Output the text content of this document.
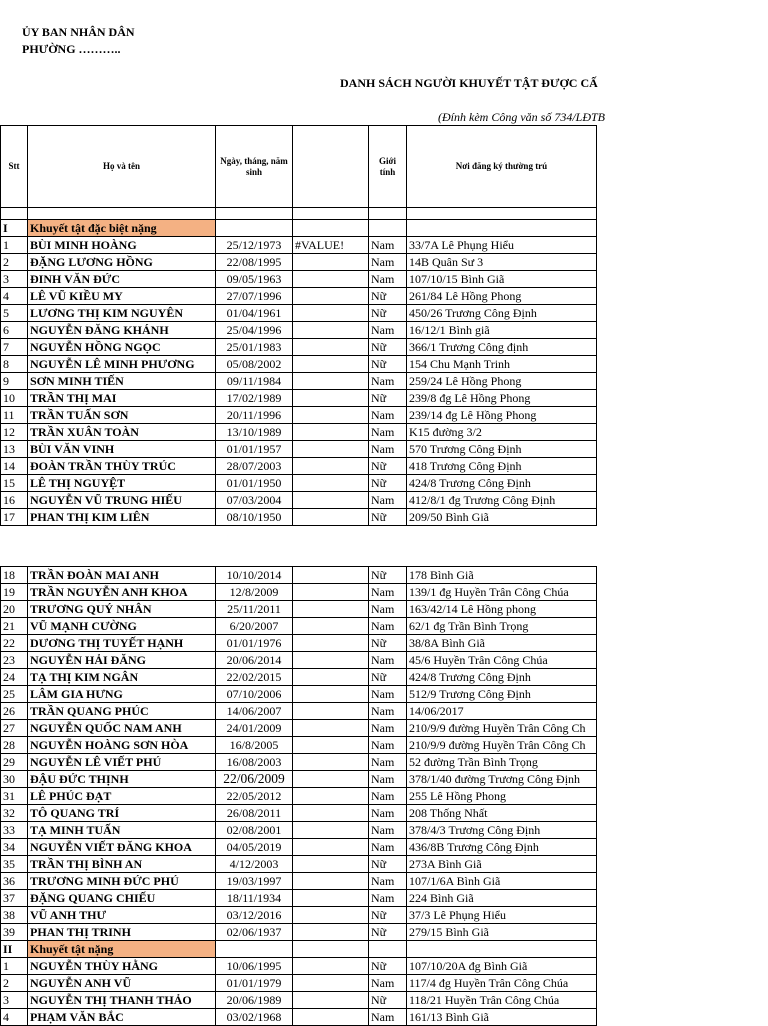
ỦY BAN NHÂN DÂN
PHƯỜNG ………..
DANH SÁCH NGƯỜI KHUYẾT TẬT ĐƯỢC CẤ
(Đính kèm Công văn số 734/LĐTB
Stt	Họ và tên	Ngày, tháng, năm sinh		Giới tính	Nơi đăng ký thường trú

I	Khuyết tật đặc biệt nặng				
1	BÙI MINH HOÀNG	25/12/1973	#VALUE!	Nam	33/7A Lê Phụng Hiểu
2	ĐẶNG LƯƠNG HỒNG	22/08/1995		Nam	14B Quân Sư 3
3	ĐINH VĂN ĐỨC	09/05/1963		Nam	107/10/15 Bình Giã
4	LÊ VŨ KIỀU MY	27/07/1996		Nữ	261/84 Lê Hồng Phong
5	LƯƠNG THỊ KIM NGUYÊN	01/04/1961		Nữ	450/26 Trương Công Định
6	NGUYỄN ĐĂNG KHÁNH	25/04/1996		Nam	16/12/1 Bình giã
7	NGUYỄN HỒNG NGỌC	25/01/1983		Nữ	366/1 Trương Công định
8	NGUYỄN LÊ MINH PHƯƠNG	05/08/2002		Nữ	154 Chu Mạnh Trinh
9	SƠN MINH TIẾN	09/11/1984		Nam	259/24 Lê Hồng Phong
10	TRẦN THỊ MAI	17/02/1989		Nữ	239/8 đg Lê Hồng Phong
11	TRẦN TUẤN SƠN	20/11/1996		Nam	239/14 đg Lê Hồng Phong
12	TRẦN XUÂN TOÀN	13/10/1989		Nam	K15 đường 3/2
13	BÙI VĂN VINH	01/01/1957		Nam	570 Trương Công Định
14	ĐOÀN TRẦN THÙY TRÚC	28/07/2003		Nữ	418 Trương Công Định
15	LÊ THỊ NGUYỆT	01/01/1950		Nữ	424/8 Trương Công Định
16	NGUYỄN VŨ TRUNG HIẾU	07/03/2004		Nam	412/8/1 đg Trương Công Định
17	PHAN THỊ KIM LIÊN	08/10/1950		Nữ	209/50 Bình Giã
18	TRẦN ĐOÀN MAI ANH	10/10/2014		Nữ	178 Bình Giã
19	TRẦN NGUYỄN ANH KHOA	12/8/2009		Nam	139/1 đg Huyền Trân Công Chúa
20	TRƯƠNG QUÝ NHÂN	25/11/2011		Nam	163/42/14 Lê Hồng phong
21	VŨ MẠNH CƯỜNG	6/20/2007		Nam	62/1 đg Trần Bình Trọng
22	DƯƠNG THỊ TUYẾT HẠNH	01/01/1976		Nữ	38/8A Bình Giã
23	NGUYỄN HẢI ĐĂNG	20/06/2014		Nam	45/6 Huyền Trân Công Chúa
24	TẠ THỊ KIM NGÂN	22/02/2015		Nữ	424/8 Trương Công Định
25	LÂM GIA HƯNG	07/10/2006		Nam	512/9 Trương Công Định
26	TRẦN QUANG PHÚC	14/06/2007		Nam	14/06/2017
27	NGUYỄN QUỐC NAM ANH	24/01/2009		Nam	210/9/9 đường Huyền Trân Công Ch
28	NGUYỄN HOÀNG SƠN HÒA	16/8/2005		Nam	210/9/9 đường Huyền Trân Công Ch
29	NGUYỄN LÊ VIẾT PHÚ	16/08/2003		Nam	52 đường Trần Bình Trọng
30	ĐẬU ĐỨC THỊNH	22/06/2009		Nam	378/1/40 đường Trương Công Định
31	LÊ PHÚC ĐẠT	22/05/2012		Nam	255 Lê Hồng Phong
32	TÔ QUANG TRÍ	26/08/2011		Nam	208 Thống Nhất
33	TẠ MINH TUẤN	02/08/2001		Nam	378/4/3 Trương Công Định
34	NGUYỄN VIẾT ĐĂNG KHOA	04/05/2019		Nam	436/8B Trương Công Định
35	TRẦN THỊ BÌNH AN	4/12/2003		Nữ	273A Bình Giã
36	TRƯƠNG MINH ĐỨC PHÚ	19/03/1997		Nam	107/1/6A Bình Giã
37	ĐẶNG QUANG CHIẾU	18/11/1934		Nam	224 Bình Giã
38	VŨ ANH THƯ	03/12/2016		Nữ	37/3 Lê Phụng Hiểu
39	PHAN THỊ TRINH	02/06/1937		Nữ	279/15 Bình Giã
II	Khuyết tật nặng				
1	NGUYỄN THÙY HẰNG	10/06/1995		Nữ	107/10/20A đg Bình Giã
2	NGUYỄN ANH VŨ	01/01/1979		Nam	117/4 đg Huyền Trân Công Chúa
3	NGUYỄN THỊ THANH THẢO	20/06/1989		Nữ	118/21 Huyền Trân Công Chúa
4	PHẠM VĂN BẮC	03/02/1968		Nam	161/13 Bình Giã
